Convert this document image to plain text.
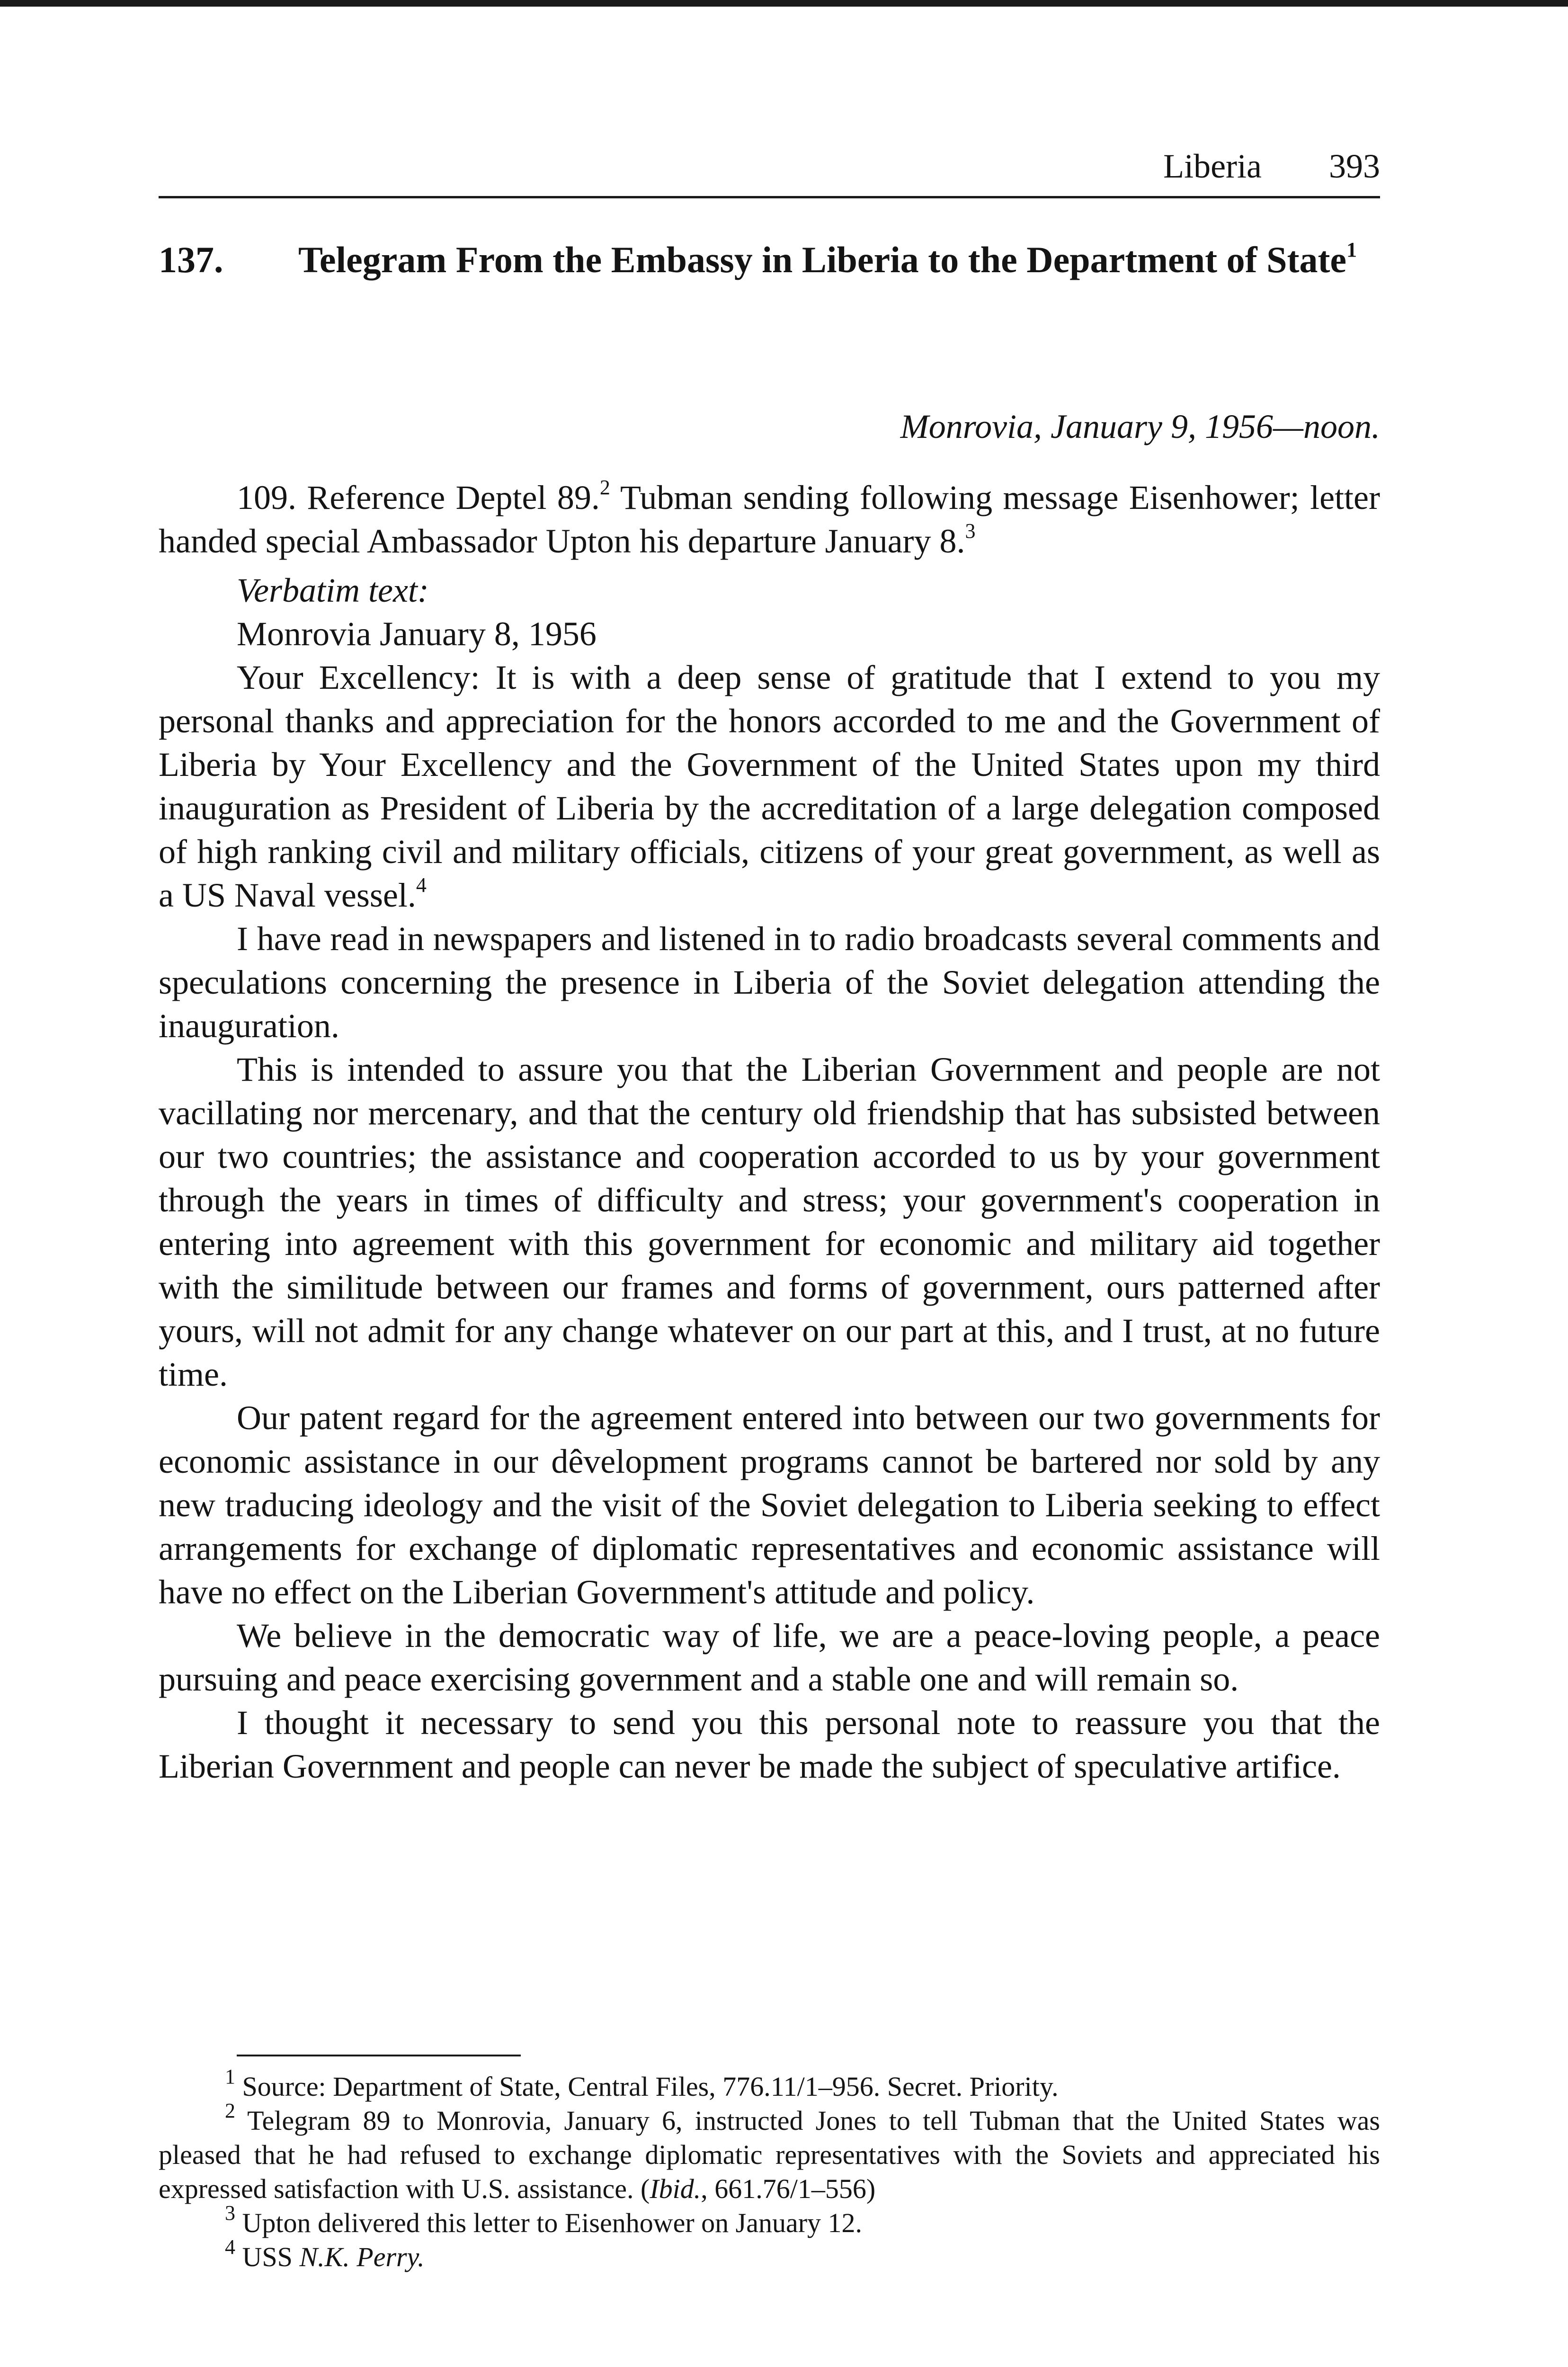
Liberia 393
137. Telegram From the Embassy in Liberia to the Department of State$^1$
Monrovia, January 9, 1956—noon.

109. Reference Deptel 89.$^2$ Tubman sending following message Eisenhower; letter handed special Ambassador Upton his departure January 8.$^3$

Verbatim text:
Monrovia January 8, 1956

Your Excellency: It is with a deep sense of gratitude that I extend to you my personal thanks and appreciation for the honors accorded to me and the Government of Liberia by Your Excellency and the Government of the United States upon my third inauguration as President of Liberia by the accreditation of a large delegation composed of high ranking civil and military officials, citizens of your great government, as well as a US Naval vessel.$^4$

I have read in newspapers and listened in to radio broadcasts several comments and speculations concerning the presence in Liberia of the Soviet delegation attending the inauguration.

This is intended to assure you that the Liberian Government and people are not vacillating nor mercenary, and that the century old friendship that has subsisted between our two countries; the assistance and cooperation accorded to us by your government through the years in times of difficulty and stress; your government's cooperation in entering into agreement with this government for economic and military aid together with the similitude between our frames and forms of government, ours patterned after yours, will not admit for any change whatever on our part at this, and I trust, at no future time.

Our patent regard for the agreement entered into between our two governments for economic assistance in our dêvelopment programs cannot be bartered nor sold by any new traducing ideology and the visit of the Soviet delegation to Liberia seeking to effect arrangements for exchange of diplomatic representatives and economic assistance will have no effect on the Liberian Government's attitude and policy.

We believe in the democratic way of life, we are a peace-loving people, a peace pursuing and peace exercising government and a stable one and will remain so.

I thought it necessary to send you this personal note to reassure you that the Liberian Government and people can never be made the subject of speculative artifice.

$^1$ Source: Department of State, Central Files, 776.11/1–956. Secret. Priority.

$^2$ Telegram 89 to Monrovia, January 6, instructed Jones to tell Tubman that the United States was pleased that he had refused to exchange diplomatic representatives with the Soviets and appreciated his expressed satisfaction with U.S. assistance. (Ibid., 661.76/1–556)

$^3$ Upton delivered this letter to Eisenhower on January 12.

$^4$ USS N.K. Perry.
